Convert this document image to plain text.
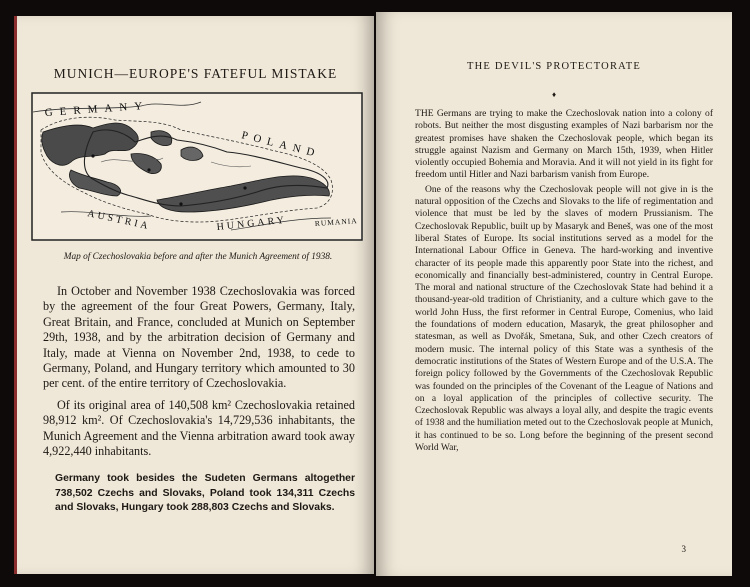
MUNICH—EUROPE'S FATEFUL MISTAKE
GERMANY
POLAND
AUSTRIA	HUNGARY	RUMANIA
Map of Czechoslovakia before and after the Munich Agreement of 1938.

In October and November 1938 Czechoslovakia was forced by the agreement of the four Great Powers, Germany, Italy, Great Britain, and France, concluded at Munich on September 29th, 1938, and by the arbitration decision of Germany and Italy, made at Vienna on November 2nd, 1938, to cede to Germany, Poland, and Hungary territory which amounted to 30 per cent. of the entire territory of Czechoslovakia.

Of its original area of 140,508 km² Czechoslovakia retained 98,912 km². Of Czechoslovakia's 14,729,536 inhabitants, the Munich Agreement and the Vienna arbitration award took away 4,922,440 inhabitants.

Germany took besides the Sudeten Germans altogether 738,502 Czechs and Slovaks, Poland took 134,311 Czechs and Slovaks, Hungary took 288,803 Czechs and Slovaks.
THE DEVIL'S PROTECTORATE
♦

THE Germans are trying to make the Czechoslovak nation into a colony of robots. But neither the most disgusting examples of Nazi barbarism nor the greatest promises have shaken the Czechoslovak people, which began its struggle against Nazism and Germany on March 15th, 1939, when Hitler violently occupied Bohemia and Moravia. And it will not yield in its fight for freedom until Hitler and Nazi barbarism vanish from Europe.

One of the reasons why the Czechoslovak people will not give in is the natural opposition of the Czechs and Slovaks to the life of regimentation and violence that must be led by the slaves of modern Prussianism. The Czechoslovak Republic, built up by Masaryk and Beneš, was one of the most liberal States of Europe. Its social institutions served as a model for the International Labour Office in Geneva. The hard-working and inventive character of its people made this apparently poor State into the richest, and economically and financially best-administered, country in Central Europe. The moral and national structure of the Czechoslovak State had behind it a thousand-year-old tradition of Christianity, and a culture which gave to the world John Huss, the first reformer in Central Europe, Comenius, who laid the foundations of modern education, Masaryk, the great philosopher and statesman, as well as Dvořák, Smetana, Suk, and other Czech creators of modern music. The internal policy of this State was a synthesis of the democratic institutions of the States of Western Europe and of the U.S.A. The foreign policy followed by the Governments of the Czechoslovak Republic was founded on the principles of the Covenant of the League of Nations and on a loyal application of the principles of collective security. The Czechoslovak Republic was always a loyal ally, and despite the tragic events of 1938 and the humiliation meted out to the Czechoslovak people at Munich, it has continued to be so. Long before the beginning of the present second World War,

3
